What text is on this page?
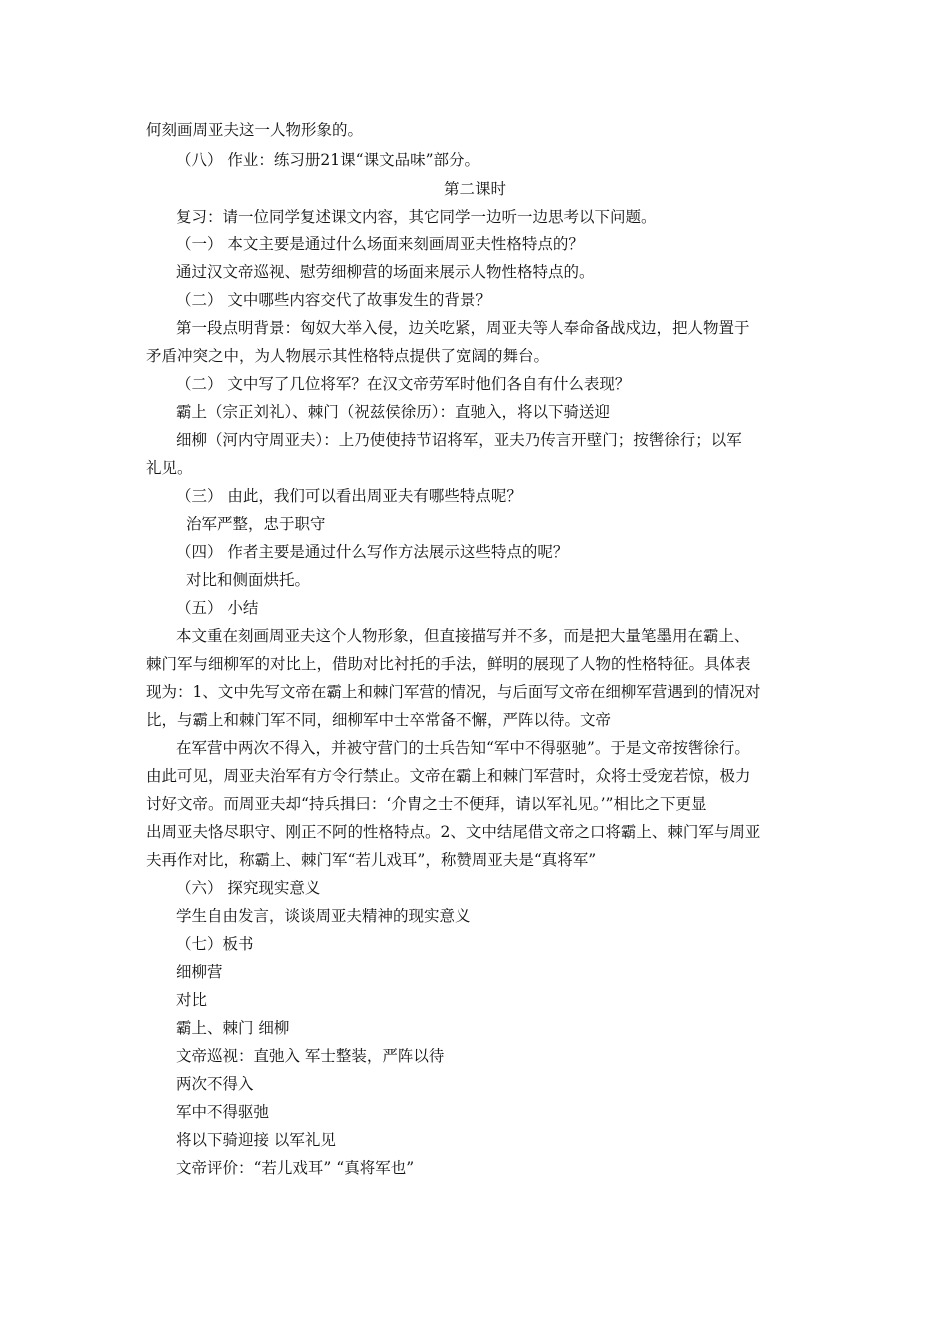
何刻画周亚夫这一人物形象的。
（八） 作业：练习册21课“课文品味”部分。
第二课时
复习：请一位同学复述课文内容，其它同学一边听一边思考以下问题。
（一） 本文主要是通过什么场面来刻画周亚夫性格特点的？
通过汉文帝巡视、慰劳细柳营的场面来展示人物性格特点的。
（二） 文中哪些内容交代了故事发生的背景？
第一段点明背景：匈奴大举入侵，边关吃紧，周亚夫等人奉命备战戍边，把人物置于
矛盾冲突之中，为人物展示其性格特点提供了宽阔的舞台。
（二） 文中写了几位将军？在汉文帝劳军时他们各自有什么表现？
霸上（宗正刘礼）、棘门（祝兹侯徐历）：直驰入，将以下骑送迎
细柳（河内守周亚夫）：上乃使使持节诏将军，亚夫乃传言开壁门；按辔徐行；以军
礼见。
（三） 由此，我们可以看出周亚夫有哪些特点呢？
治军严整，忠于职守
（四） 作者主要是通过什么写作方法展示这些特点的呢？
对比和侧面烘托。
（五） 小结
本文重在刻画周亚夫这个人物形象，但直接描写并不多，而是把大量笔墨用在霸上、
棘门军与细柳军的对比上，借助对比衬托的手法，鲜明的展现了人物的性格特征。具体表
现为：1、文中先写文帝在霸上和棘门军营的情况，与后面写文帝在细柳军营遇到的情况对
比，与霸上和棘门军不同，细柳军中士卒常备不懈，严阵以待。文帝
在军营中两次不得入，并被守营门的士兵告知“军中不得驱驰”。于是文帝按辔徐行。
由此可见，周亚夫治军有方令行禁止。文帝在霸上和棘门军营时，众将士受宠若惊，极力
讨好文帝。而周亚夫却“持兵揖曰：‘介胄之士不便拜，请以军礼见。’”相比之下更显
出周亚夫恪尽职守、刚正不阿的性格特点。2、文中结尾借文帝之口将霸上、棘门军与周亚
夫再作对比，称霸上、棘门军“若儿戏耳”，称赞周亚夫是“真将军”
（六） 探究现实意义
学生自由发言，谈谈周亚夫精神的现实意义
（七）板书
细柳营
对比
霸上、棘门 细柳
文帝巡视：直弛入 军士整装，严阵以待
两次不得入
军中不得驱弛
将以下骑迎接 以军礼见
文帝评价：“若儿戏耳” “真将军也”
